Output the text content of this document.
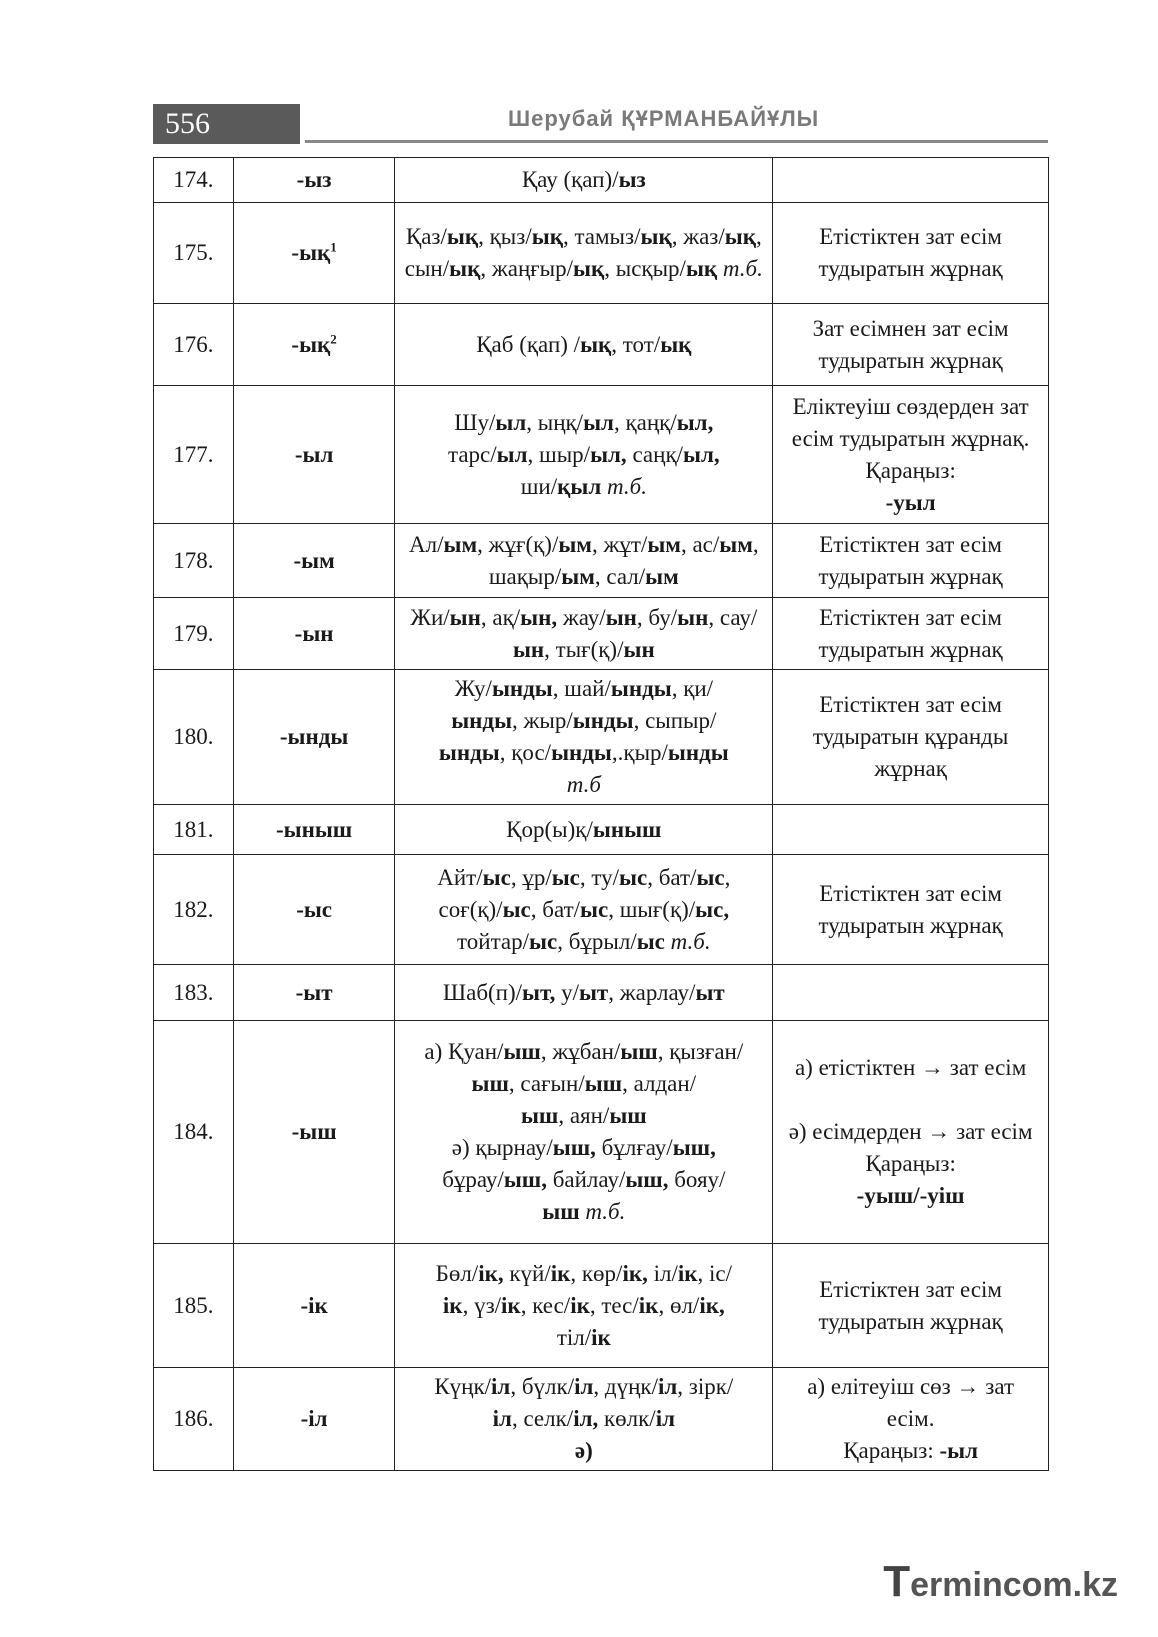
556	Шерубай ҚҰРМАНБАЙҰЛЫ
174.	-ыз	Қау (қап)/ыз	
175.	$-ық^1$	Қаз/ық, қыз/ық, тамыз/ық, жаз/ық, сын/ық, жаңғыр/ық, ысқыр/ық т.б.	Етістіктен зат есім тудыратын жұрнақ
176.	$-ық^2$	Қаб (қап) /ық, тот/ық	Зат есімнен зат есім тудыратын жұрнақ
177.	-ыл	Шу/ыл, ыңқ/ыл, қаңқ/ыл,
тарс/ыл, шыр/ыл, саңқ/ыл,
ши/қыл т.б.	Еліктеуіш сөздерден зат есім тудыратын жұрнақ. Қараңыз:
-уыл
178.	-ым	Ал/ым, жұғ(қ)/ым, жұт/ым, ас/ым, шақыр/ым, сал/ым	Етістіктен зат есім тудыратын жұрнақ
179.	-ын	Жи/ын, ақ/ын, жау/ын, бу/ын, сау/ын, тығ(қ)/ын	Етістіктен зат есім тудыратын жұрнақ
180.	-ынды	Жу/ынды, шай/ынды, қи/
ынды, жыр/ынды, сыпыр/
ынды, қос/ынды,.қыр/ынды
т.б	Етістіктен зат есім тудыратын құранды жұрнақ
181.	-ыныш	Қор(ы)қ/ыныш	
182.	-ыс	Айт/ыс, ұр/ыс, ту/ыс, бат/ыс, соғ(қ)/ыс, бат/ыс, шығ(қ)/ыс, тойтар/ыс, бұрыл/ыс т.б.	Етістіктен зат есім тудыратын жұрнақ
183.	-ыт	Шаб(п)/ыт, у/ыт, жарлау/ыт	
184.	-ыш	а) Қуан/ыш, жұбан/ыш, қызған/ыш, сағын/ыш, алдан/
ыш, аян/ыш
ә) қырнау/ыш, бұлғау/ыш,
бұрау/ыш, байлау/ыш, бояу/
ыш т.б.	а) етістіктен → зат есім

ә) есімдерден → зат есім
Қараңыз:
-уыш/-уіш
185.	-ік	Бөл/ік, күй/ік, көр/ік, іл/ік, іс/
ік, үз/ік, кес/ік, тес/ік, өл/ік,
тіл/ік	Етістіктен зат есім тудыратын жұрнақ
186.	-іл	Күңк/іл, бүлк/іл, дүңк/іл, зірк/
іл, селк/іл, көлк/іл
ә)	а) елітеуіш сөз → зат есім.
Қараңыз: -ыл
Termincom.kz
